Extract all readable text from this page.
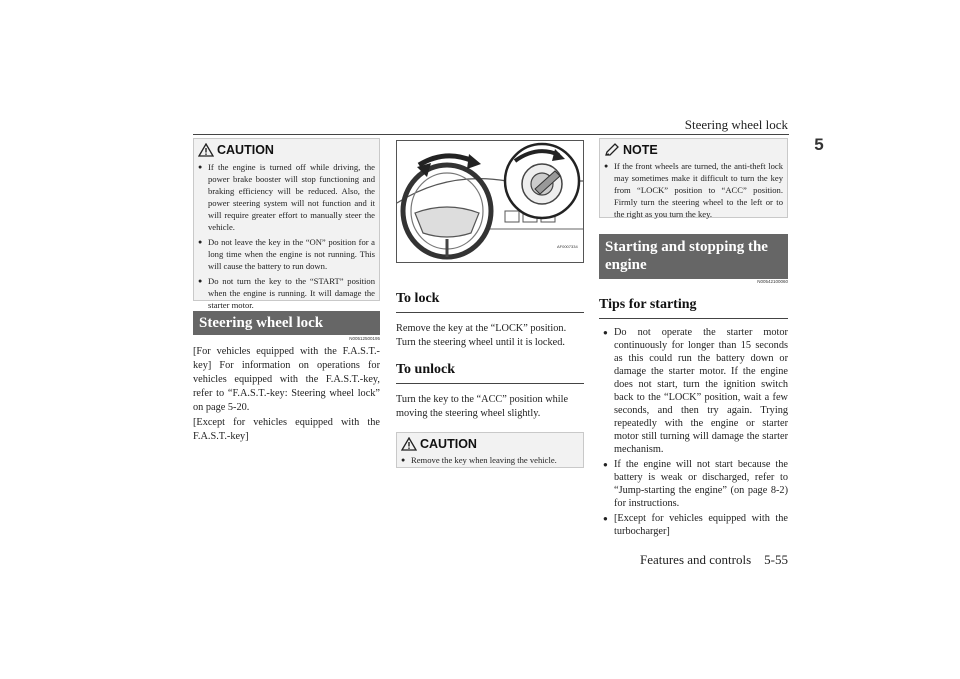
Steering wheel lock
5
CAUTION
● If the engine is turned off while driving, the power brake booster will stop functioning and braking efficiency will be reduced. Also, the power steering system will not function and it will require greater effort to manually steer the vehicle.
● Do not leave the key in the “ON” position for a long time when the engine is not running. This will cause the battery to run down.
● Do not turn the key to the “START” position when the engine is running. It will damage the starter motor.
Steering wheel lock
N00512500195
[For vehicles equipped with the F.A.S.T.-key] For information on operations for vehicles equipped with the F.A.S.T.-key, refer to “F.A.S.T.-key: Steering wheel lock” on page 5-20.
[Except for vehicles equipped with the F.A.S.T.-key]
AF0007334
To lock
Remove the key at the “LOCK” position. Turn the steering wheel until it is locked.
To unlock
Turn the key to the “ACC” position while moving the steering wheel slightly.
CAUTION
● Remove the key when leaving the vehicle.
NOTE
● If the front wheels are turned, the anti-theft lock may sometimes make it difficult to turn the key from “LOCK” position to “ACC” position. Firmly turn the steering wheel to the left or to the right as you turn the key.
Starting and stopping the engine
N00542100060
Tips for starting
● Do not operate the starter motor continuously for longer than 15 seconds as this could run the battery down or damage the starter motor. If the engine does not start, turn the ignition switch back to the “LOCK” position, wait a few seconds, and then try again. Trying repeatedly with the engine or starter motor still turning will damage the starter mechanism.
● If the engine will not start because the battery is weak or discharged, refer to “Jump-starting the engine” (on page 8-2) for instructions.
● [Except for vehicles equipped with the turbocharger]
Features and controls    5-55
